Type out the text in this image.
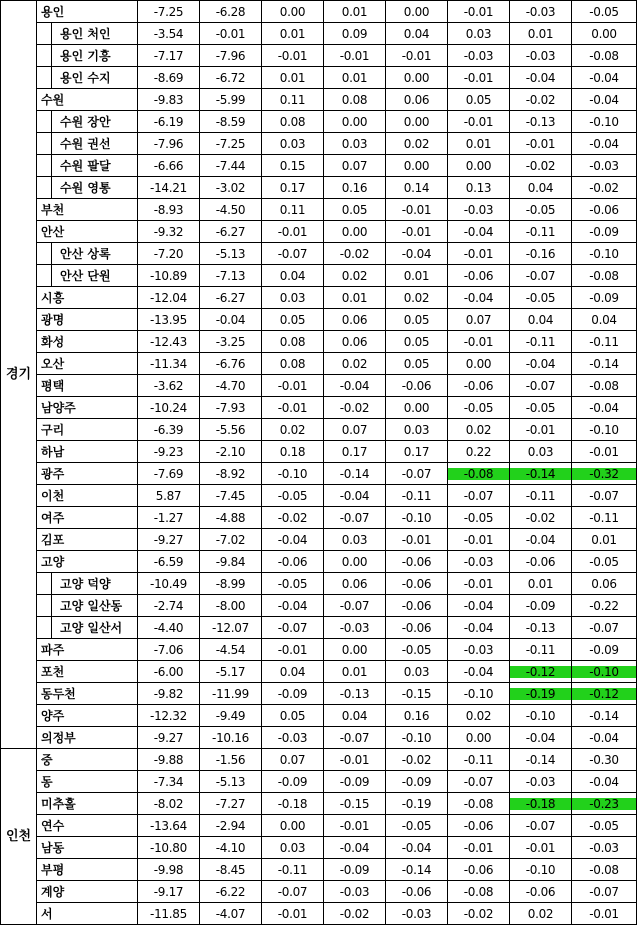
경기	용인		-7.25	-6.28	0.00	0.01	0.00	-0.01	-0.03	-0.05
		용인 처인	-3.54	-0.01	0.01	0.09	0.04	0.03	0.01	0.00
		용인 기흥	-7.17	-7.96	-0.01	-0.01	-0.01	-0.03	-0.03	-0.08
		용인 수지	-8.69	-6.72	0.01	0.01	0.00	-0.01	-0.04	-0.04
	수원		-9.83	-5.99	0.11	0.08	0.06	0.05	-0.02	-0.04
		수원 장안	-6.19	-8.59	0.08	0.00	0.00	-0.01	-0.13	-0.10
		수원 권선	-7.96	-7.25	0.03	0.03	0.02	0.01	-0.01	-0.04
		수원 팔달	-6.66	-7.44	0.15	0.07	0.00	0.00	-0.02	-0.03
		수원 영통	-14.21	-3.02	0.17	0.16	0.14	0.13	0.04	-0.02
	부천		-8.93	-4.50	0.11	0.05	-0.01	-0.03	-0.05	-0.06
	안산		-9.32	-6.27	-0.01	0.00	-0.01	-0.04	-0.11	-0.09
		안산 상록	-7.20	-5.13	-0.07	-0.02	-0.04	-0.01	-0.16	-0.10
		안산 단원	-10.89	-7.13	0.04	0.02	0.01	-0.06	-0.07	-0.08
	시흥		-12.04	-6.27	0.03	0.01	0.02	-0.04	-0.05	-0.09
	광명		-13.95	-0.04	0.05	0.06	0.05	0.07	0.04	0.04
	화성		-12.43	-3.25	0.08	0.06	0.05	-0.01	-0.11	-0.11
	오산		-11.34	-6.76	0.08	0.02	0.05	0.00	-0.04	-0.14
	평택		-3.62	-4.70	-0.01	-0.04	-0.06	-0.06	-0.07	-0.08
	남양주		-10.24	-7.93	-0.01	-0.02	0.00	-0.05	-0.05	-0.04
	구리		-6.39	-5.56	0.02	0.07	0.03	0.02	-0.01	-0.10
	하남		-9.23	-2.10	0.18	0.17	0.17	0.22	0.03	-0.01
	광주		-7.69	-8.92	-0.10	-0.14	-0.07	-0.08	-0.14	-0.32
	이천		5.87	-7.45	-0.05	-0.04	-0.11	-0.07	-0.11	-0.07
	여주		-1.27	-4.88	-0.02	-0.07	-0.10	-0.05	-0.02	-0.11
	김포		-9.27	-7.02	-0.04	0.03	-0.01	-0.01	-0.04	0.01
	고양		-6.59	-9.84	-0.06	0.00	-0.06	-0.03	-0.06	-0.05
		고양 덕양	-10.49	-8.99	-0.05	0.06	-0.06	-0.01	0.01	0.06
		고양 일산동	-2.74	-8.00	-0.04	-0.07	-0.06	-0.04	-0.09	-0.22
		고양 일산서	-4.40	-12.07	-0.07	-0.03	-0.06	-0.04	-0.13	-0.07
	파주		-7.06	-4.54	-0.01	0.00	-0.05	-0.03	-0.11	-0.09
	포천		-6.00	-5.17	0.04	0.01	0.03	-0.04	-0.12	-0.10
	동두천		-9.82	-11.99	-0.09	-0.13	-0.15	-0.10	-0.19	-0.12
	양주		-12.32	-9.49	0.05	0.04	0.16	0.02	-0.10	-0.14
	의정부		-9.27	-10.16	-0.03	-0.07	-0.10	0.00	-0.04	-0.04
인천	중		-9.88	-1.56	0.07	-0.01	-0.02	-0.11	-0.14	-0.30
	동		-7.34	-5.13	-0.09	-0.09	-0.09	-0.07	-0.03	-0.04
	미추홀		-8.02	-7.27	-0.18	-0.15	-0.19	-0.08	-0.18	-0.23
	연수		-13.64	-2.94	0.00	-0.01	-0.05	-0.06	-0.07	-0.05
	남동		-10.80	-4.10	0.03	-0.04	-0.04	-0.01	-0.01	-0.03
	부평		-9.98	-8.45	-0.11	-0.09	-0.14	-0.06	-0.10	-0.08
	계양		-9.17	-6.22	-0.07	-0.03	-0.06	-0.08	-0.06	-0.07
	서		-11.85	-4.07	-0.01	-0.02	-0.03	-0.02	0.02	-0.01
